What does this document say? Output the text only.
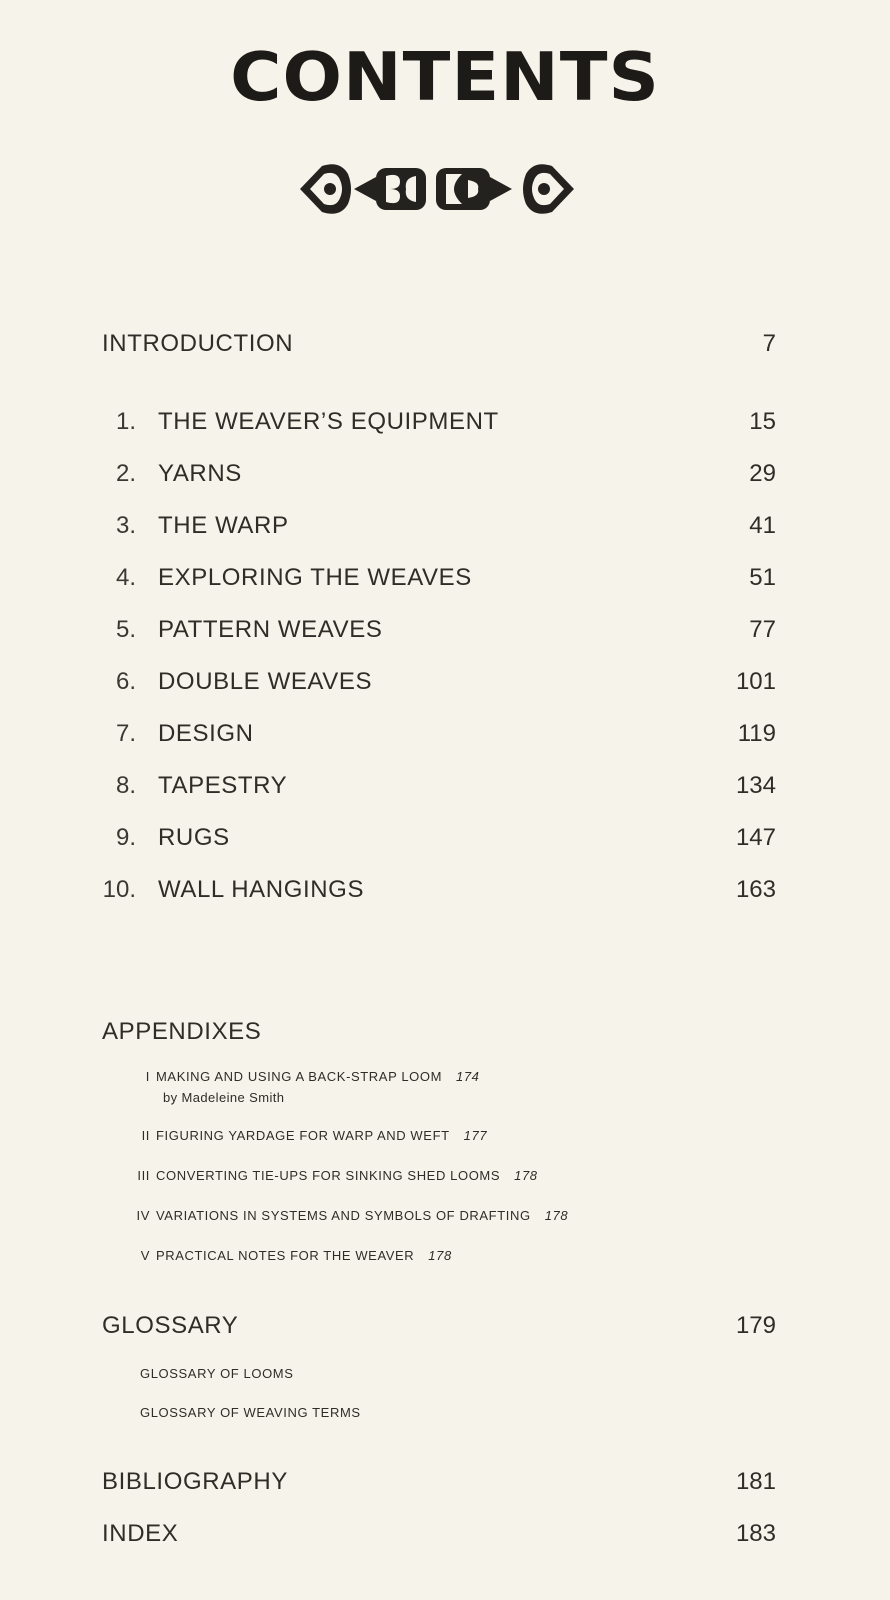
CONTENTS
INTRODUCTION	7
1. THE WEAVER’S EQUIPMENT	15
2. YARNS	29
3. THE WARP	41
4. EXPLORING THE WEAVES	51
5. PATTERN WEAVES	77
6. DOUBLE WEAVES	101
7. DESIGN	119
8. TAPESTRY	134
9. RUGS	147
10. WALL HANGINGS	163
APPENDIXES
I MAKING AND USING A BACK-STRAP LOOM 174
by Madeleine Smith
II FIGURING YARDAGE FOR WARP AND WEFT 177
III CONVERTING TIE-UPS FOR SINKING SHED LOOMS 178
IV VARIATIONS IN SYSTEMS AND SYMBOLS OF DRAFTING 178
V PRACTICAL NOTES FOR THE WEAVER 178
GLOSSARY	179
GLOSSARY OF LOOMS
GLOSSARY OF WEAVING TERMS
BIBLIOGRAPHY	181
INDEX	183
